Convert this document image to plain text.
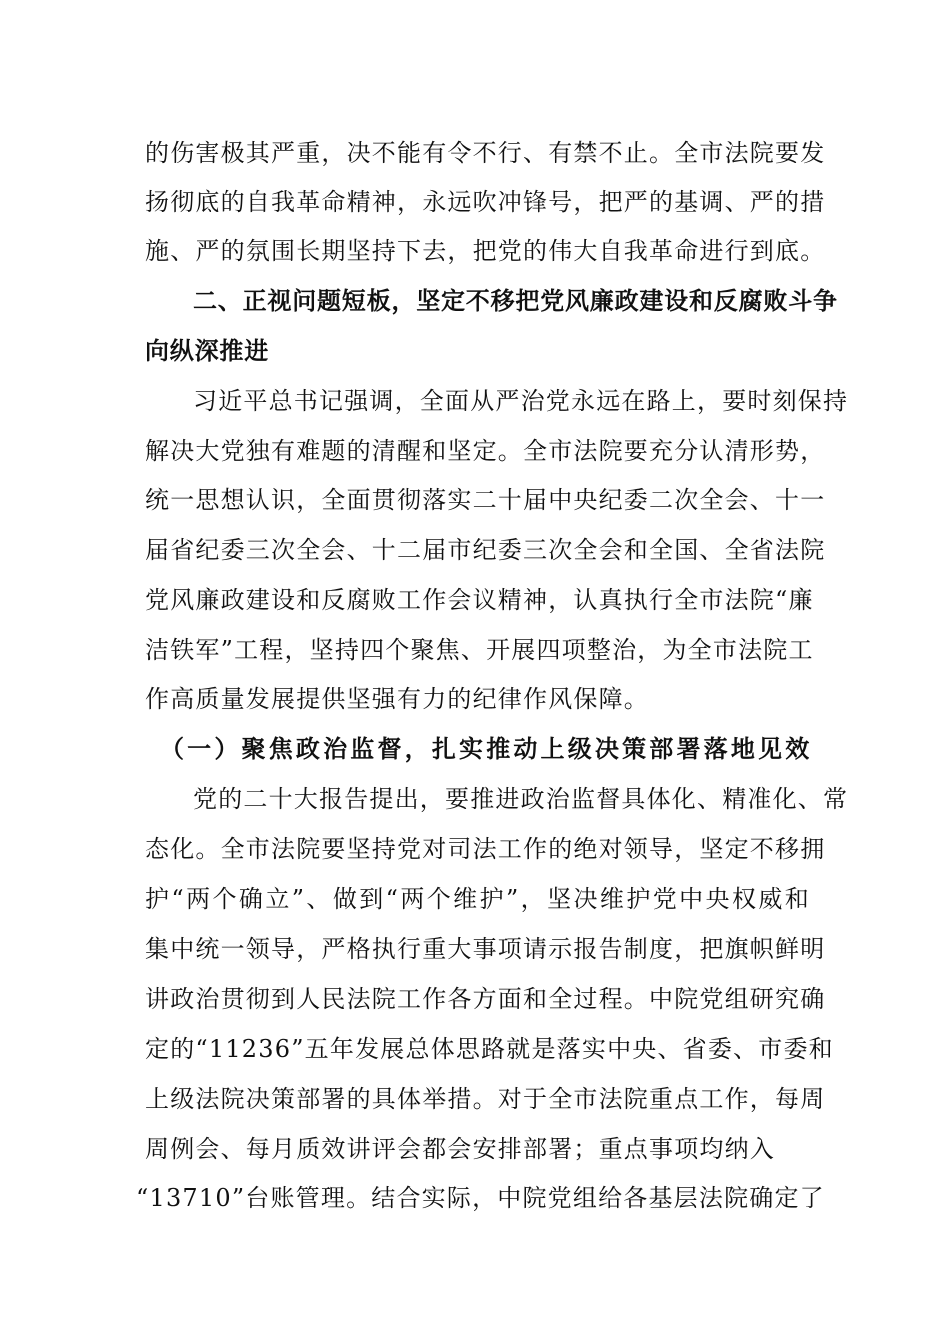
的伤害极其严重，决不能有令不行、有禁不止。全市法院要发
扬彻底的自我革命精神，永远吹冲锋号，把严的基调、严的措
施、严的氛围长期坚持下去，把党的伟大自我革命进行到底。
二、正视问题短板，坚定不移把党风廉政建设和反腐败斗争
向纵深推进
习近平总书记强调，全面从严治党永远在路上，要时刻保持
解决大党独有难题的清醒和坚定。全市法院要充分认清形势，
统一思想认识，全面贯彻落实二十届中央纪委二次全会、十一
届省纪委三次全会、十二届市纪委三次全会和全国、全省法院
党风廉政建设和反腐败工作会议精神，认真执行全市法院“廉
洁铁军”工程，坚持四个聚焦、开展四项整治，为全市法院工
作高质量发展提供坚强有力的纪律作风保障。
（一）聚焦政治监督，扎实推动上级决策部署落地见效
党的二十大报告提出，要推进政治监督具体化、精准化、常
态化。全市法院要坚持党对司法工作的绝对领导，坚定不移拥
护“两个确立”、做到“两个维护”，坚决维护党中央权威和
集中统一领导，严格执行重大事项请示报告制度，把旗帜鲜明
讲政治贯彻到人民法院工作各方面和全过程。中院党组研究确
定的“11236”五年发展总体思路就是落实中央、省委、市委和
上级法院决策部署的具体举措。对于全市法院重点工作，每周
周例会、每月质效讲评会都会安排部署；重点事项均纳入
“13710”台账管理。结合实际，中院党组给各基层法院确定了
